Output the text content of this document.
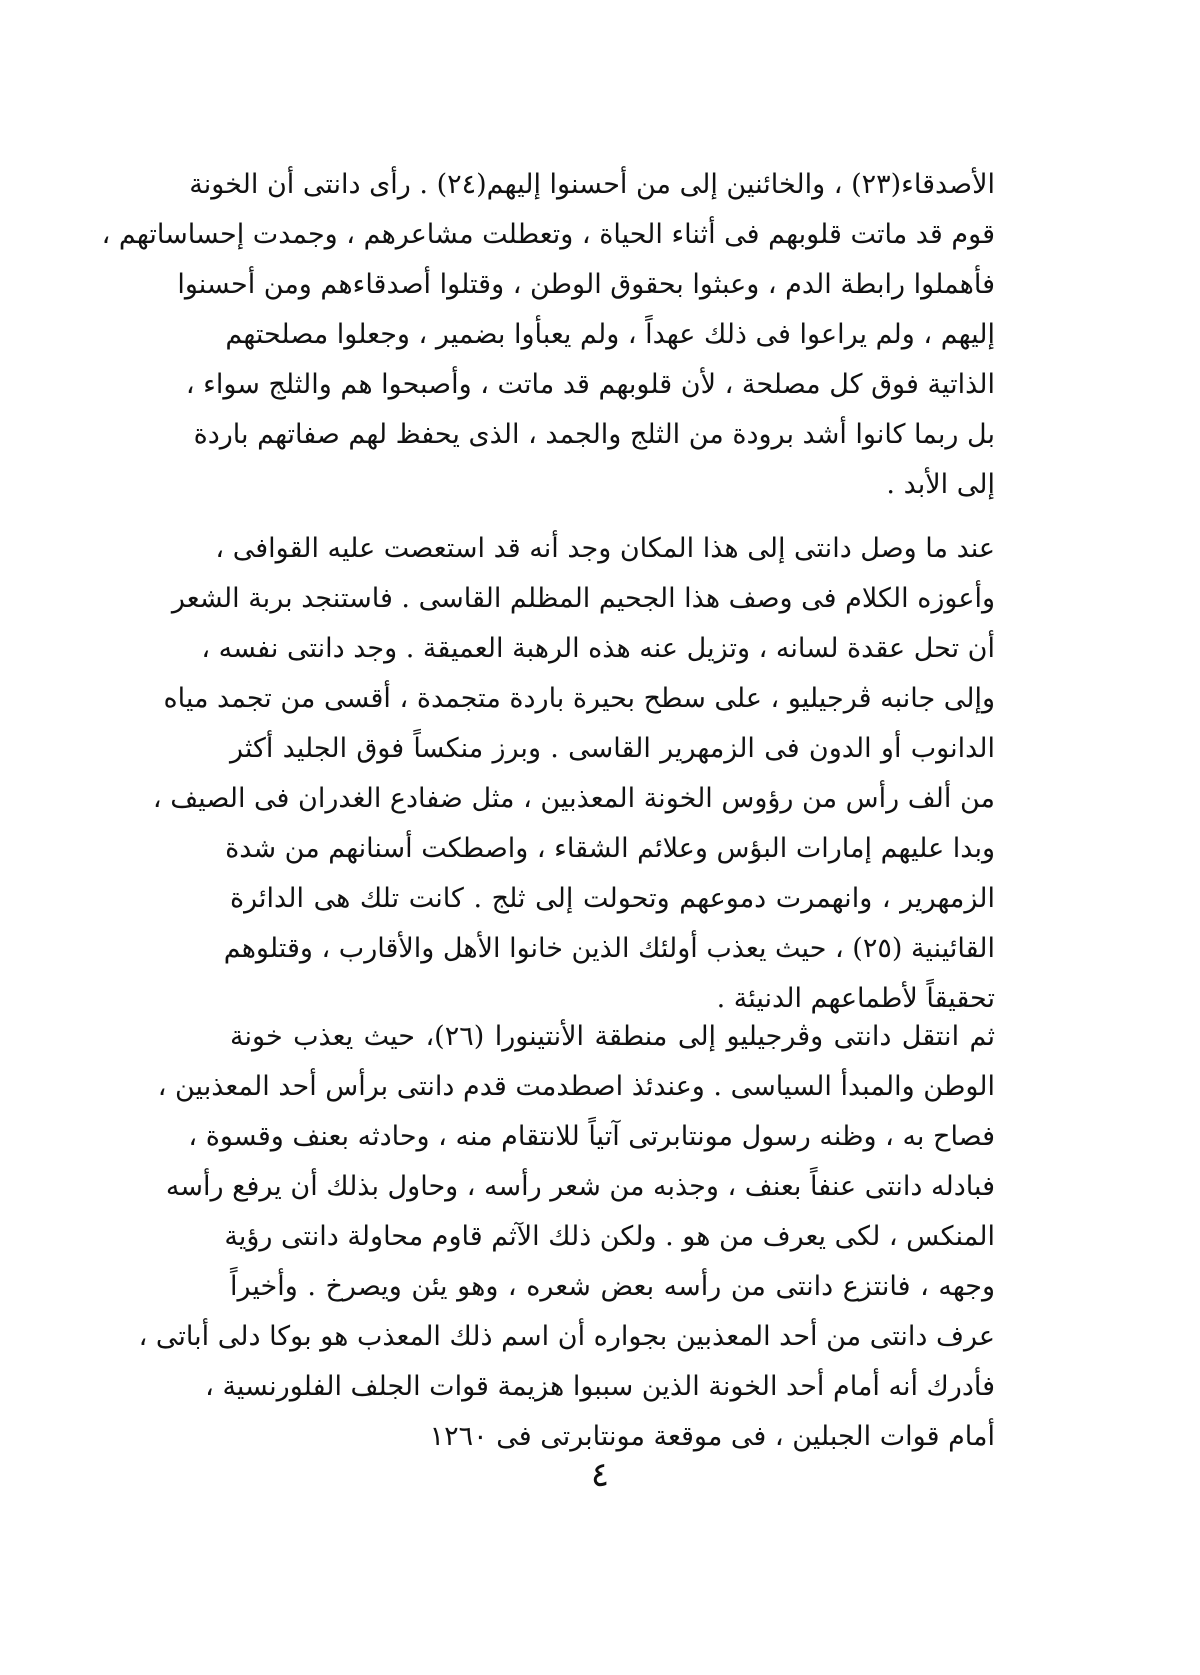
الأصدقاء(٢٣) ، والخائنين إلى من أحسنوا إليهم(٢٤) . رأى دانتى أن الخونة
قوم قد ماتت قلوبهم فى أثناء الحياة ، وتعطلت مشاعرهم ، وجمدت إحساساتهم ،
فأهملوا رابطة الدم ، وعبثوا بحقوق الوطن ، وقتلوا أصدقاءهم ومن أحسنوا
إليهم ، ولم يراعوا فى ذلك عهداً ، ولم يعبأوا بضمير ، وجعلوا مصلحتهم
الذاتية فوق كل مصلحة ، لأن قلوبهم قد ماتت ، وأصبحوا هم والثلج سواء ،
بل ربما كانوا أشد برودة من الثلج والجمد ، الذى يحفظ لهم صفاتهم باردة
إلى الأبد .
عند ما وصل دانتى إلى هذا المكان وجد أنه قد استعصت عليه القوافى ،
وأعوزه الكلام فى وصف هذا الجحيم المظلم القاسى . فاستنجد بربة الشعر
أن تحل عقدة لسانه ، وتزيل عنه هذه الرهبة العميقة . وجد دانتى نفسه ،
وإلى جانبه ڤرجيليو ، على سطح بحيرة باردة متجمدة ، أقسى من تجمد مياه
الدانوب أو الدون فى الزمهرير القاسى . وبرز منكساً فوق الجليد أكثر
من ألف رأس من رؤوس الخونة المعذبين ، مثل ضفادع الغدران فى الصيف ،
وبدا عليهم إمارات البؤس وعلائم الشقاء ، واصطكت أسنانهم من شدة
الزمهرير ، وانهمرت دموعهم وتحولت إلى ثلج . كانت تلك هى الدائرة
القائينية (٢٥) ، حيث يعذب أولئك الذين خانوا الأهل والأقارب ، وقتلوهم
تحقيقاً لأطماعهم الدنيئة .
ثم انتقل دانتى وڤرجيليو إلى منطقة الأنتينورا (٢٦)، حيث يعذب خونة
الوطن والمبدأ السياسى . وعندئذ اصطدمت قدم دانتى برأس أحد المعذبين ،
فصاح به ، وظنه رسول مونتابرتى آتياً للانتقام منه ، وحادثه بعنف وقسوة ،
فبادله دانتى عنفاً بعنف ، وجذبه من شعر رأسه ، وحاول بذلك أن يرفع رأسه
المنكس ، لكى يعرف من هو . ولكن ذلك الآثم قاوم محاولة دانتى رؤية
وجهه ، فانتزع دانتى من رأسه بعض شعره ، وهو يئن ويصرخ . وأخيراً
عرف دانتى من أحد المعذبين بجواره أن اسم ذلك المعذب هو بوكا دلى أباتى ،
فأدرك أنه أمام أحد الخونة الذين سببوا هزيمة قوات الجلف الفلورنسية ،
أمام قوات الجبلين ، فى موقعة مونتابرتى فى ١٢٦٠
٤
